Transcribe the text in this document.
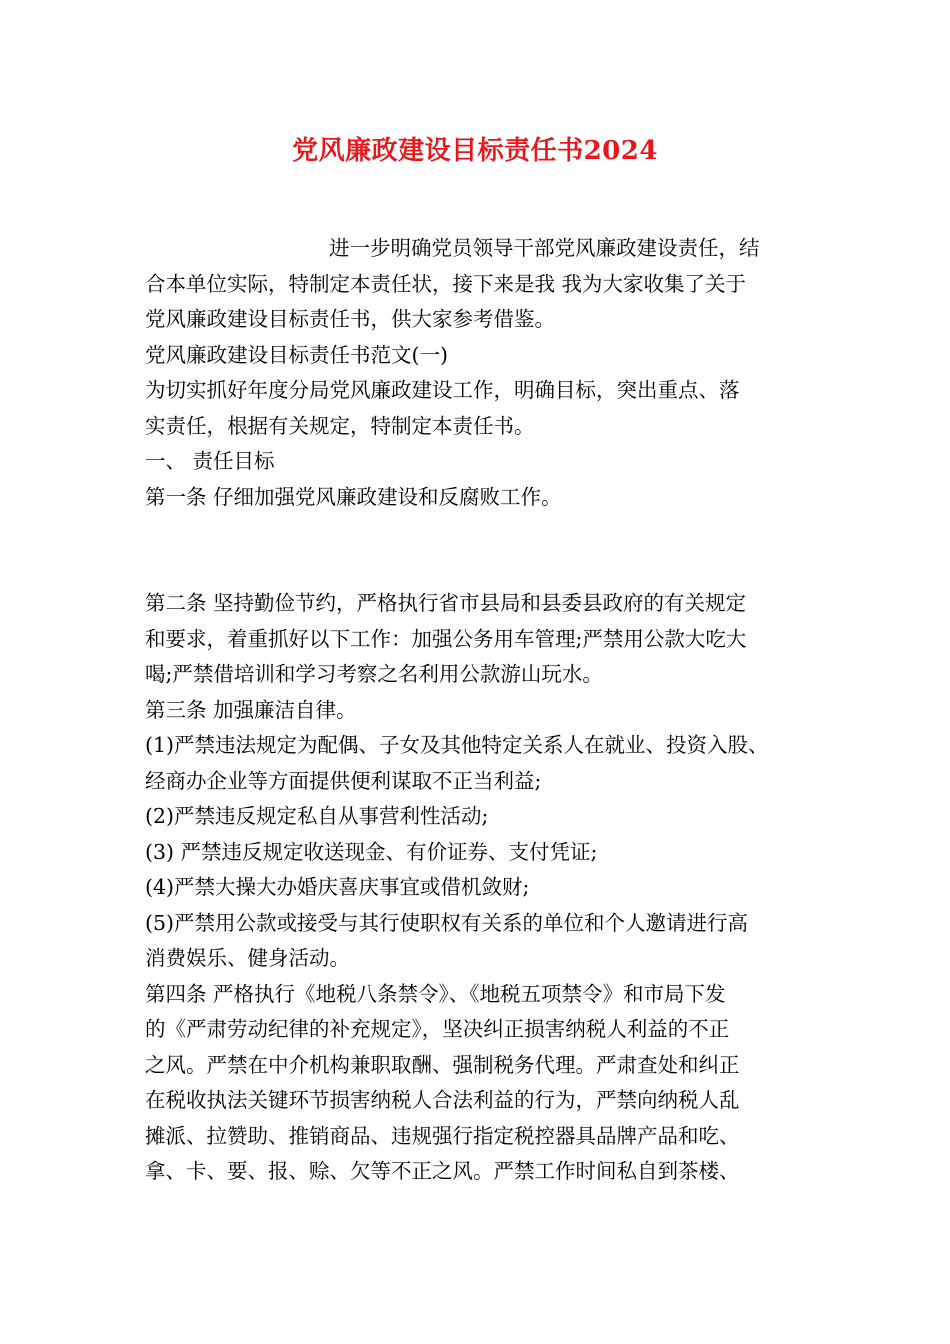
党风廉政建设目标责任书2024
进一步明确党员领导干部党风廉政建设责任，结
合本单位实际，特制定本责任状，接下来是我 我为大家收集了关于
党风廉政建设目标责任书，供大家参考借鉴。
党风廉政建设目标责任书范文(一)
为切实抓好年度分局党风廉政建设工作，明确目标，突出重点、落
实责任，根据有关规定，特制定本责任书。
一、 责任目标
第一条 仔细加强党风廉政建设和反腐败工作。
第二条 坚持勤俭节约，严格执行省市县局和县委县政府的有关规定
和要求，着重抓好以下工作：加强公务用车管理;严禁用公款大吃大
喝;严禁借培训和学习考察之名利用公款游山玩水。
第三条 加强廉洁自律。
(1)严禁违法规定为配偶、子女及其他特定关系人在就业、投资入股、
经商办企业等方面提供便利谋取不正当利益;
(2)严禁违反规定私自从事营利性活动;
(3) 严禁违反规定收送现金、有价证券、支付凭证;
(4)严禁大操大办婚庆喜庆事宜或借机敛财;
(5)严禁用公款或接受与其行使职权有关系的单位和个人邀请进行高
消费娱乐、健身活动。
第四条 严格执行《地税八条禁令》、《地税五项禁令》和市局下发
的《严肃劳动纪律的补充规定》，坚决纠正损害纳税人利益的不正
之风。严禁在中介机构兼职取酬、强制税务代理。严肃查处和纠正
在税收执法关键环节损害纳税人合法利益的行为，严禁向纳税人乱
摊派、拉赞助、推销商品、违规强行指定税控器具品牌产品和吃、
拿、卡、要、报、赊、欠等不正之风。严禁工作时间私自到茶楼、
